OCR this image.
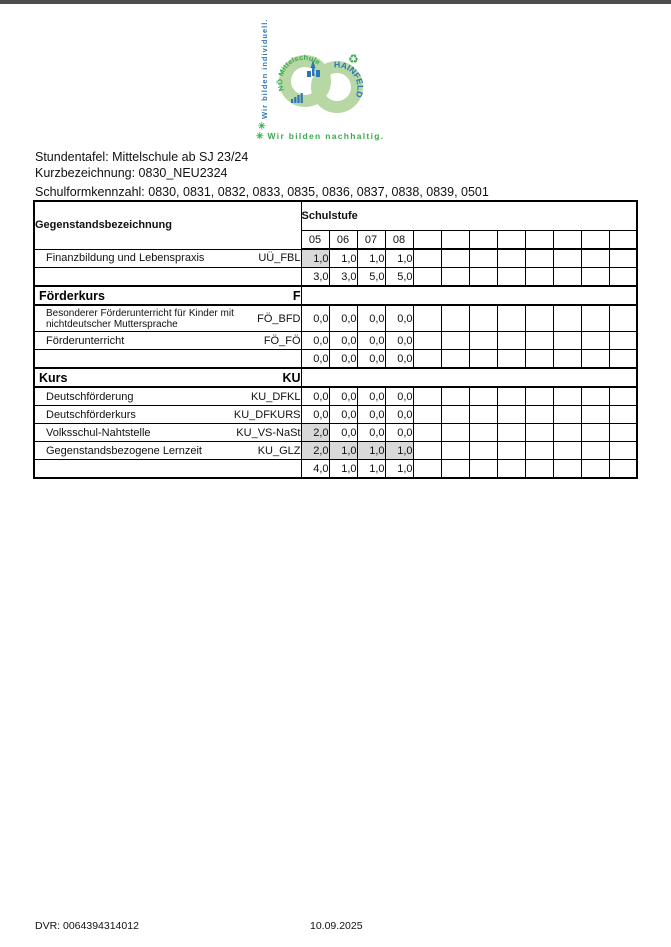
NÖ Mittelschule HAINFELD
♻
Wir bilden individuell.
✳
✳ Wir bilden nachhaltig.
Stundentafel: Mittelschule ab SJ 23/24
Kurzbezeichnung: 0830_NEU2324
Schulformkennzahl: 0830, 0831, 0832, 0833, 0835, 0836, 0837, 0838, 0839, 0501
Gegenstandsbezeichnung	Schulstufe											
	05	06	07	08								

Finanzbildung und Lebenspraxis UÜ_FBL	1,0	1,0	1,0	1,0								
	3,0	3,0	5,0	5,0								

Förderkurs F												

Besonderer Förderunterricht für Kinder mit nichtdeutscher Muttersprache FÖ_BFD	0,0	0,0	0,0	0,0								

Förderunterricht FÖ_FÖ	0,0	0,0	0,0	0,0								
	0,0	0,0	0,0	0,0								

Kurs KU												

Deutschförderung KU_DFKL	0,0	0,0	0,0	0,0								

Deutschförderkurs KU_DFKURS	0,0	0,0	0,0	0,0								

Volksschul-Nahtstelle KU_VS-NaSt	2,0	0,0	0,0	0,0								

Gegenstandsbezogene Lernzeit KU_GLZ	2,0	1,0	1,0	1,0								
	4,0	1,0	1,0	1,0								
DVR: 0064394314012	10.09.2025
